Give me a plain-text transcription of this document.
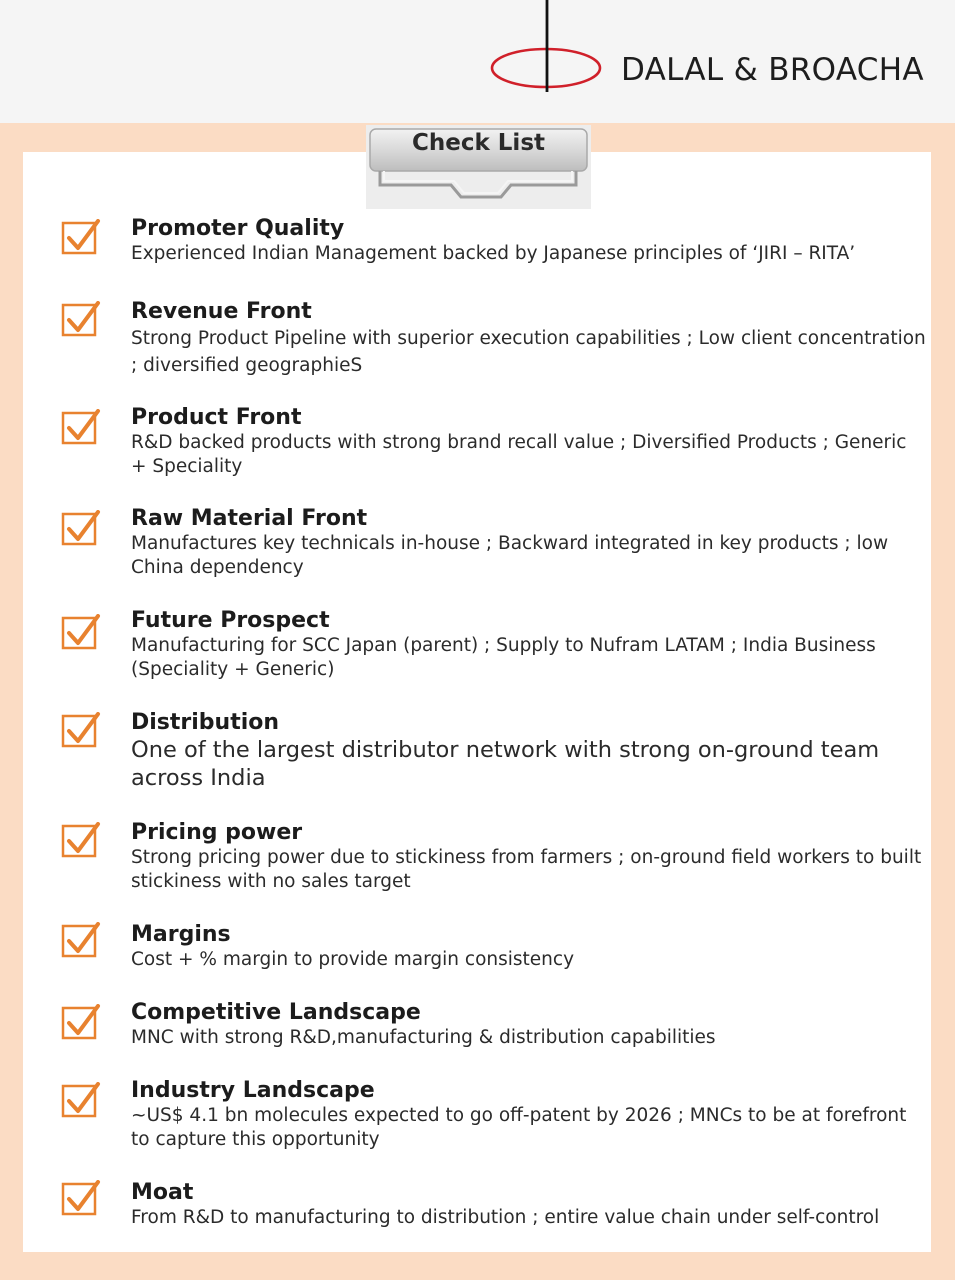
DALAL & BROACHA
Check List
Promoter Quality
Experienced Indian Management backed by Japanese principles of ‘JIRI – RITA’
Revenue Front
Strong Product Pipeline with superior execution capabilities ; Low client concentration ; diversified geographieS
Product Front
R&D backed products with strong brand recall value ; Diversified Products ; Generic + Speciality
Raw Material Front
Manufactures key technicals in-house ; Backward integrated in key products ; low China dependency
Future Prospect
Manufacturing for SCC Japan (parent) ; Supply to Nufram LATAM ; India Business (Speciality + Generic)
Distribution
One of the largest distributor network with strong on-ground team across India
Pricing power
Strong pricing power due to stickiness from farmers ; on-ground field workers to built stickiness with no sales target
Margins
Cost + % margin to provide margin consistency
Competitive Landscape
MNC with strong R&D,manufacturing & distribution capabilities
Industry Landscape
~US$ 4.1 bn molecules expected to go off-patent by 2026 ; MNCs to be at forefront to capture this opportunity
Moat
From R&D to manufacturing to distribution ; entire value chain under self-control
